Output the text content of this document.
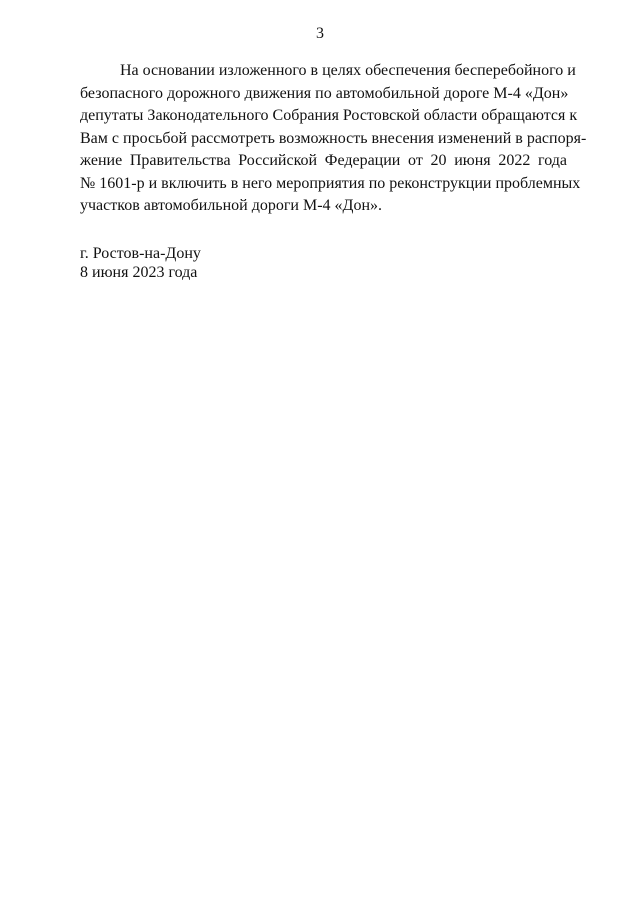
3
На основании изложенного в целях обеспечения бесперебойного и
безопасного дорожного движения по автомобильной дороге М-4 «Дон»
депутаты Законодательного Собрания Ростовской области обращаются к
Вам с просьбой рассмотреть возможность внесения изменений в распоря-
жение Правительства Российской Федерации от 20 июня 2022 года
№ 1601-р и включить в него мероприятия по реконструкции проблемных
участков автомобильной дороги М-4 «Дон».
г. Ростов-на-Дону
8 июня 2023 года
